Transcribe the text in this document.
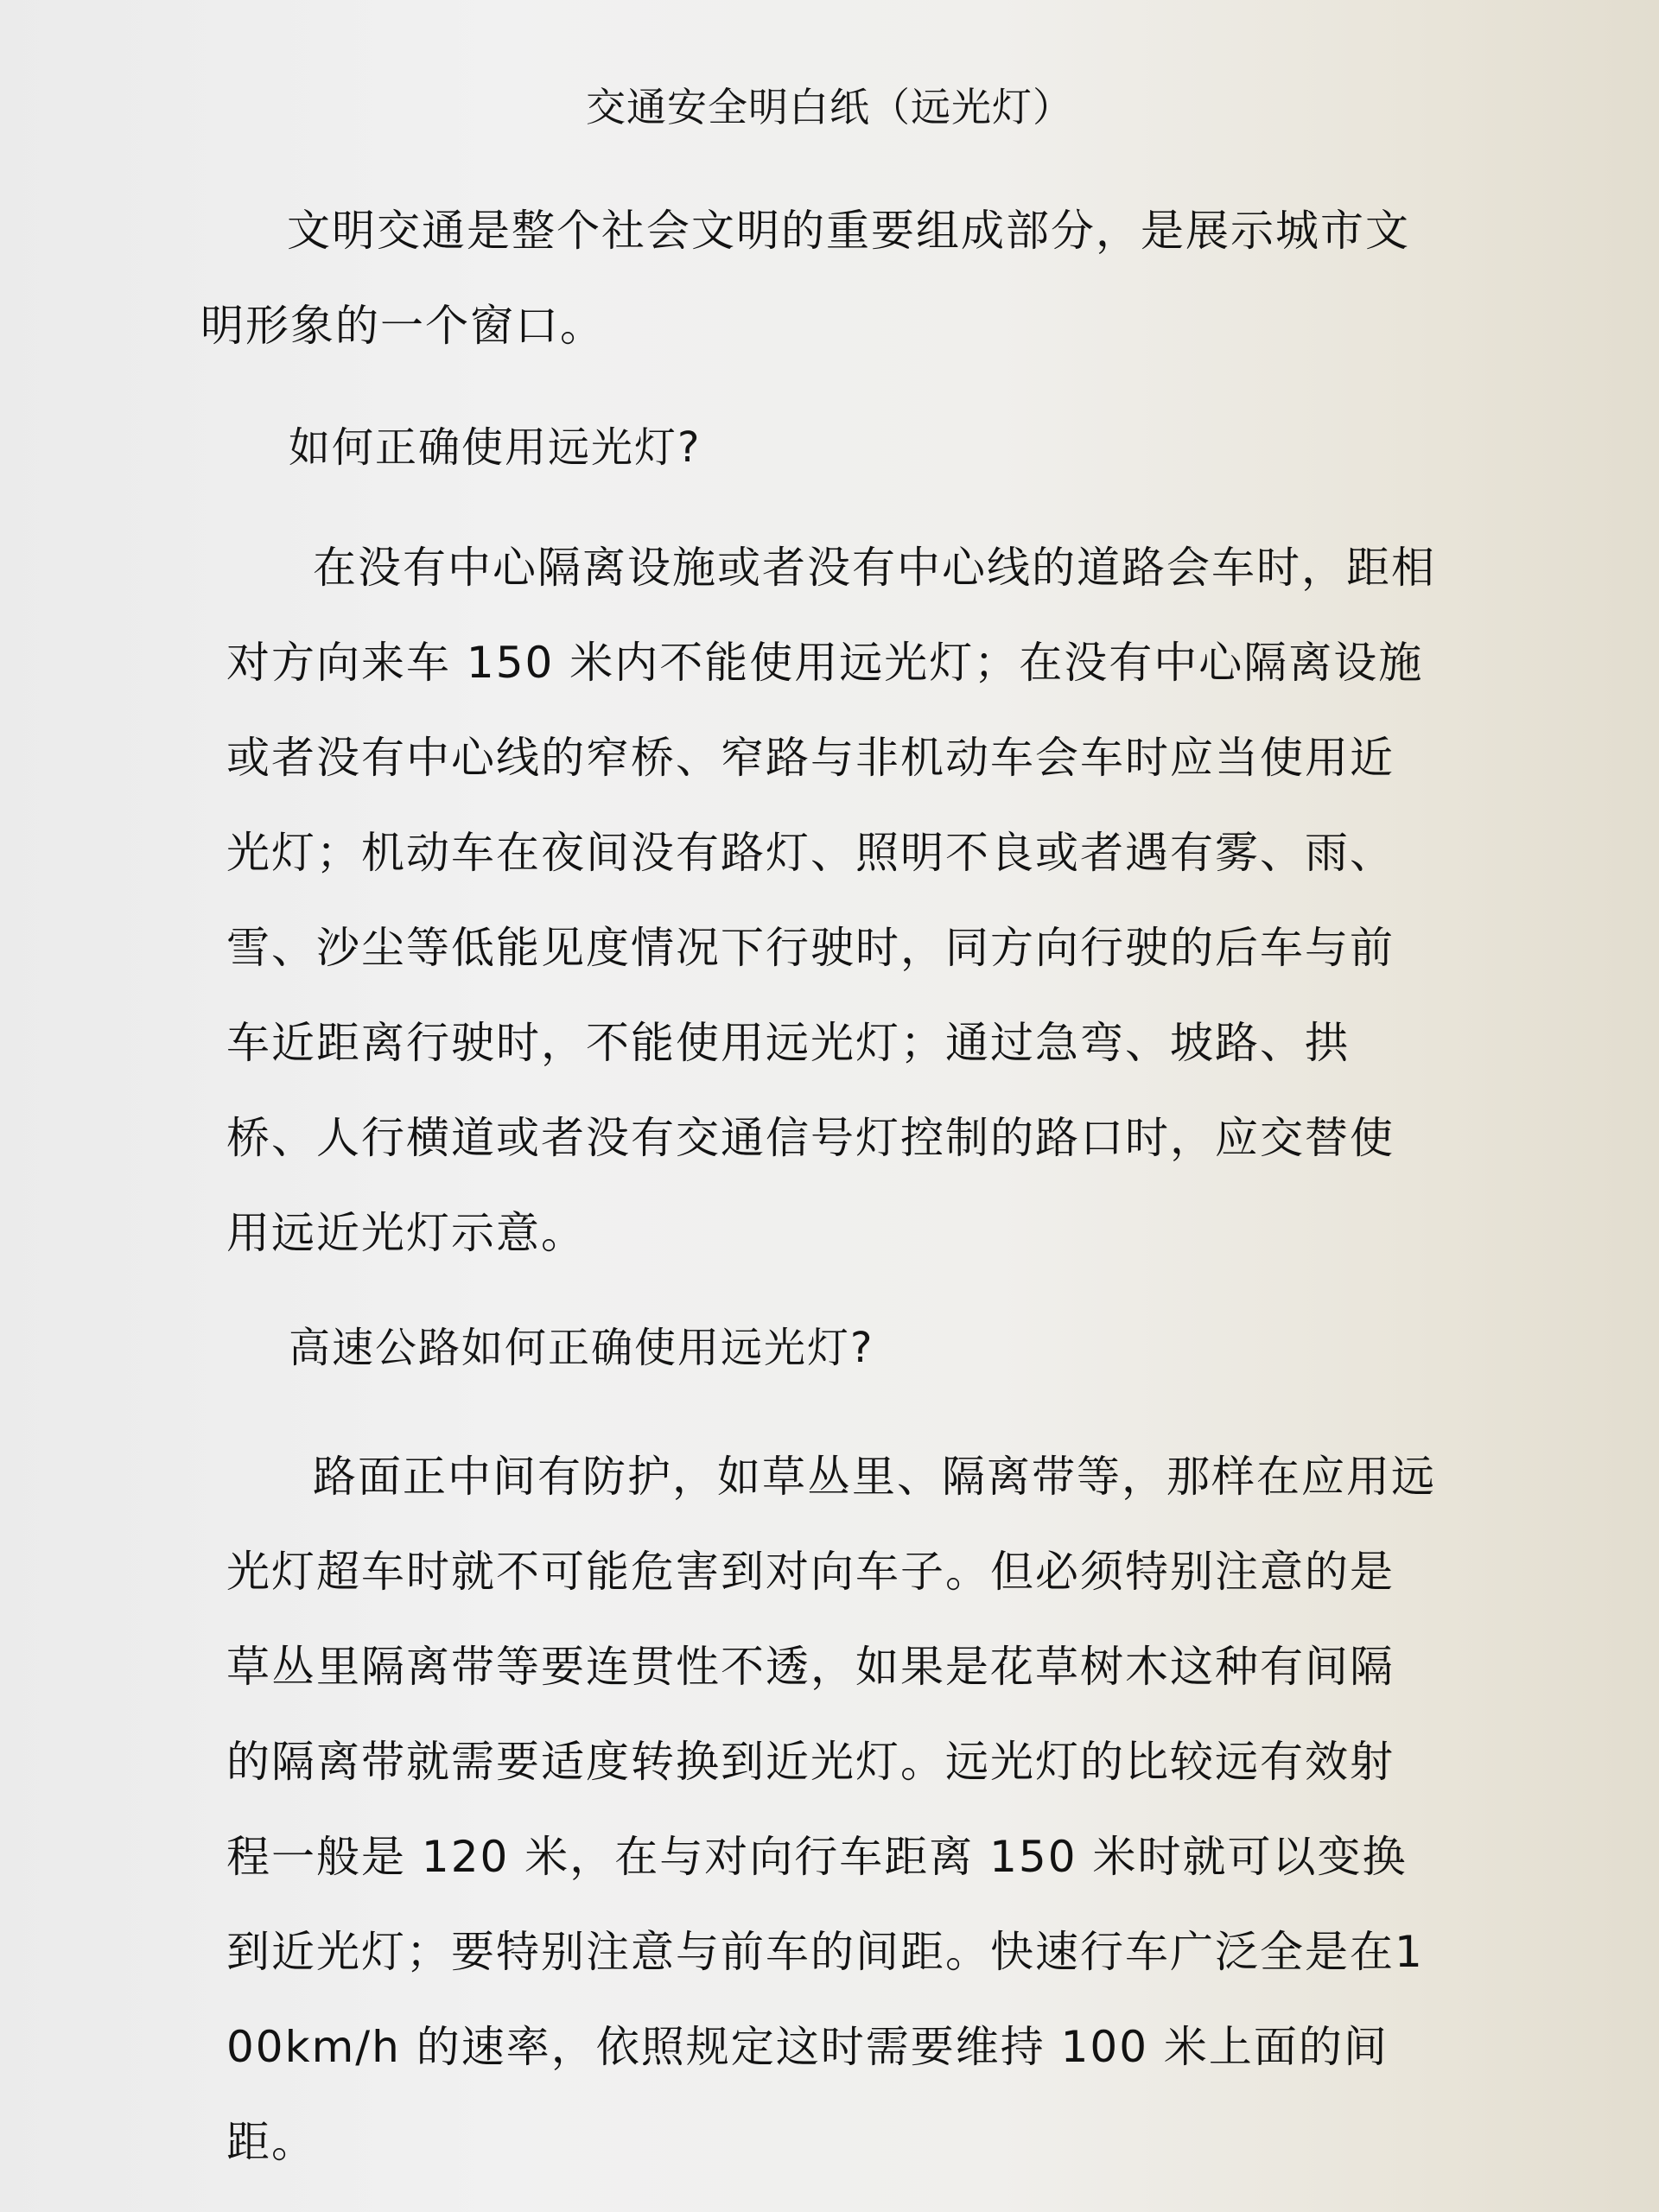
交通安全明白纸（远光灯）
文明交通是整个社会文明的重要组成部分，是展示城市文明形象的一个窗口。
如何正确使用远光灯?
在没有中心隔离设施或者没有中心线的道路会车时，距相对方向来车 150 米内不能使用远光灯；在没有中心隔离设施或者没有中心线的窄桥、窄路与非机动车会车时应当使用近光灯；机动车在夜间没有路灯、照明不良或者遇有雾、雨、雪、沙尘等低能见度情况下行驶时，同方向行驶的后车与前车近距离行驶时，不能使用远光灯；通过急弯、坡路、拱桥、人行横道或者没有交通信号灯控制的路口时，应交替使用远近光灯示意。
高速公路如何正确使用远光灯?
路面正中间有防护，如草丛里、隔离带等，那样在应用远光灯超车时就不可能危害到对向车子。但必须特别注意的是草丛里隔离带等要连贯性不透，如果是花草树木这种有间隔的隔离带就需要适度转换到近光灯。远光灯的比较远有效射程一般是 120 米，在与对向行车距离 150 米时就可以变换到近光灯；要特别注意与前车的间距。快速行车广泛全是在100km/h 的速率，依照规定这时需要维持 100 米上面的间距。
